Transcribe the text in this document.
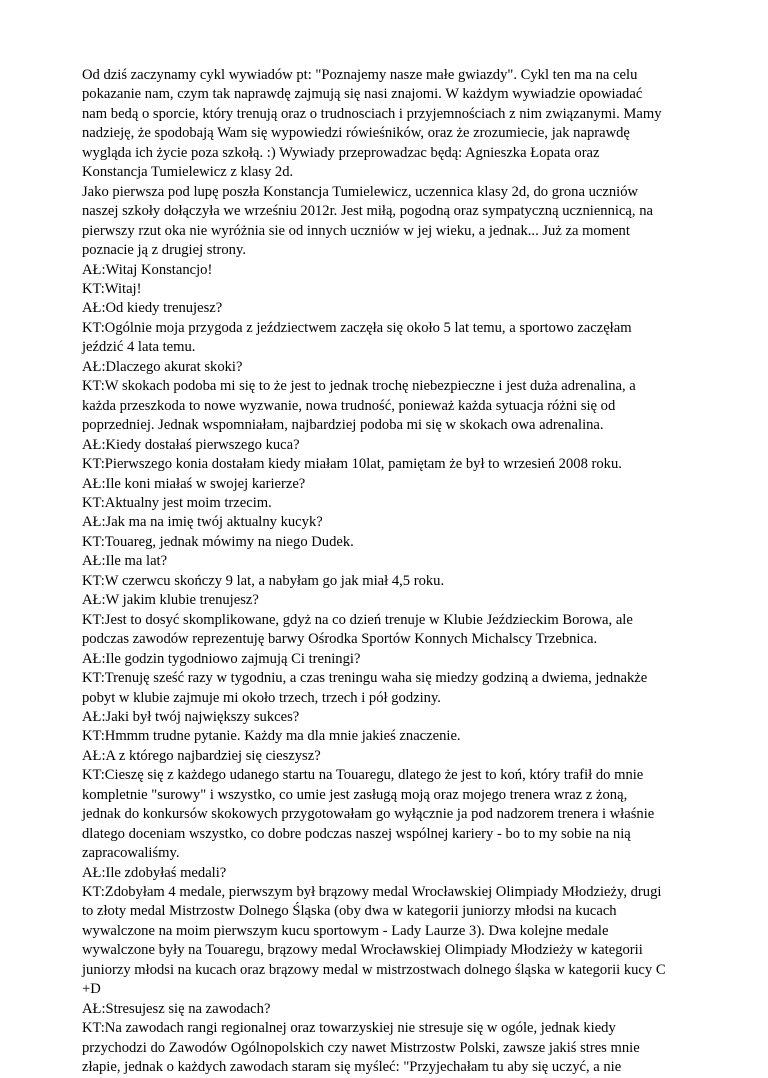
Od dziś zaczynamy cykl wywiadów pt: "Poznajemy nasze małe gwiazdy". Cykl ten ma na celu
pokazanie nam, czym tak naprawdę zajmują się nasi znajomi. W każdym wywiadzie opowiadać
nam bedą o sporcie, który trenują oraz o trudnosciach i przyjemnościach z nim związanymi. Mamy
nadzieję, że spodobają Wam się wypowiedzi rówieśników, oraz że zrozumiecie, jak naprawdę
wygląda ich życie poza szkołą. :) Wywiady przeprowadzac będą: Agnieszka Łopata oraz
Konstancja Tumielewicz z klasy 2d.
Jako pierwsza pod lupę poszła Konstancja Tumielewicz, uczennica klasy 2d, do grona uczniów
naszej szkoły dołączyła we wrześniu 2012r. Jest miłą, pogodną oraz sympatyczną uczniennicą, na
pierwszy rzut oka nie wyróżnia sie od innych uczniów w jej wieku, a jednak... Już za moment
poznacie ją z drugiej strony.
AŁ:Witaj Konstancjo!
KT:Witaj!
AŁ:Od kiedy trenujesz?
KT:Ogólnie moja przygoda z jeździectwem zaczęła się około 5 lat temu, a sportowo zaczęłam
jeździć 4 lata temu.
AŁ:Dlaczego akurat skoki?
KT:W skokach podoba mi się to że jest to jednak trochę niebezpieczne i jest duża adrenalina, a
każda przeszkoda to nowe wyzwanie, nowa trudność, ponieważ każda sytuacja różni się od
poprzedniej. Jednak wspomniałam, najbardziej podoba mi się w skokach owa adrenalina.
AŁ:Kiedy dostałaś pierwszego kuca?
KT:Pierwszego konia dostałam kiedy miałam 10lat, pamiętam że był to wrzesień 2008 roku.
AŁ:Ile koni miałaś w swojej karierze?
KT:Aktualny jest moim trzecim.
AŁ:Jak ma na imię twój aktualny kucyk?
KT:Touareg, jednak mówimy na niego Dudek.
AŁ:Ile ma lat?
KT:W czerwcu skończy 9 lat, a nabyłam go jak miał 4,5 roku.
AŁ:W jakim klubie trenujesz?
KT:Jest to dosyć skomplikowane, gdyż na co dzień trenuje w Klubie Jeździeckim Borowa, ale
podczas zawodów reprezentuję barwy Ośrodka Sportów Konnych Michalscy Trzebnica.
AŁ:Ile godzin tygodniowo zajmują Ci treningi?
KT:Trenuję sześć razy w tygodniu, a czas treningu waha się miedzy godziną a dwiema, jednakże
pobyt w klubie zajmuje mi około trzech, trzech i pół godziny.
AŁ:Jaki był twój największy sukces?
KT:Hmmm trudne pytanie. Każdy ma dla mnie jakieś znaczenie.
AŁ:A z którego najbardziej się cieszysz?
KT:Cieszę się z każdego udanego startu na Touaregu, dlatego że jest to koń, który trafił do mnie
kompletnie "surowy" i wszystko, co umie jest zasługą moją oraz mojego trenera wraz z żoną,
jednak do konkursów skokowych przygotowałam go wyłącznie ja pod nadzorem trenera i właśnie
dlatego doceniam wszystko, co dobre podczas naszej wspólnej kariery - bo to my sobie na nią
zapracowaliśmy.
AŁ:Ile zdobyłaś medali?
KT:Zdobyłam 4 medale, pierwszym był brązowy medal Wrocławskiej Olimpiady Młodzieży, drugi
to złoty medal Mistrzostw Dolnego Śląska (oby dwa w kategorii juniorzy młodsi na kucach
wywalczone na moim pierwszym kucu sportowym - Lady Laurze 3). Dwa kolejne medale
wywalczone były na Touaregu, brązowy medal Wrocławskiej Olimpiady Młodzieży w kategorii
juniorzy młodsi na kucach oraz brązowy medal w mistrzostwach dolnego śląska w kategorii kucy C
+D
AŁ:Stresujesz się na zawodach?
KT:Na zawodach rangi regionalnej oraz towarzyskiej nie stresuje się w ogóle, jednak kiedy
przychodzi do Zawodów Ogólnopolskich czy nawet Mistrzostw Polski, zawsze jakiś stres mnie
złapie, jednak o każdych zawodach staram się myśleć: "Przyjechałam tu aby się uczyć, a nie
